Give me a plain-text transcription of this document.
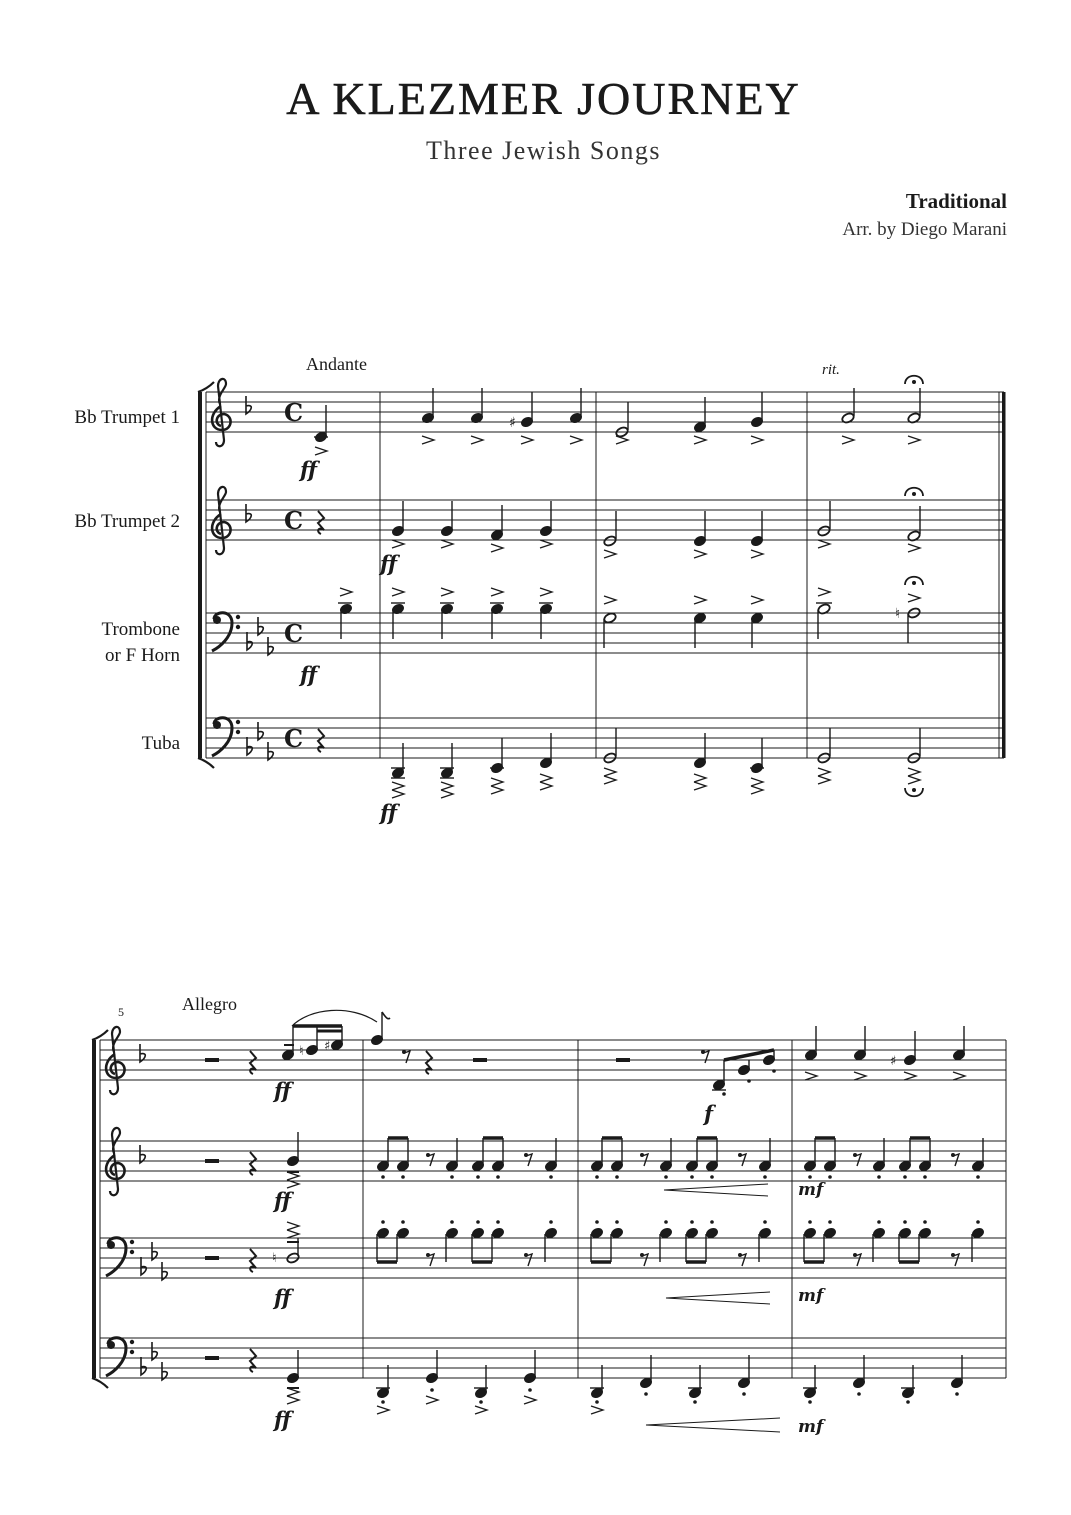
A KLEZMER JOURNEY
Three Jewish Songs
Traditional
Arr. by Diego Marani
Bb Trumpet 1
Bb Trumpet 2
Trombone
or F Horn
Tuba
Andante	rit.
5	Allegro
ff
ff
ff
ff
ff
f
ff	mf
ff	mf
ff	mf
C
C
C
C
♯
♮
♮ ♯
♯
♮
